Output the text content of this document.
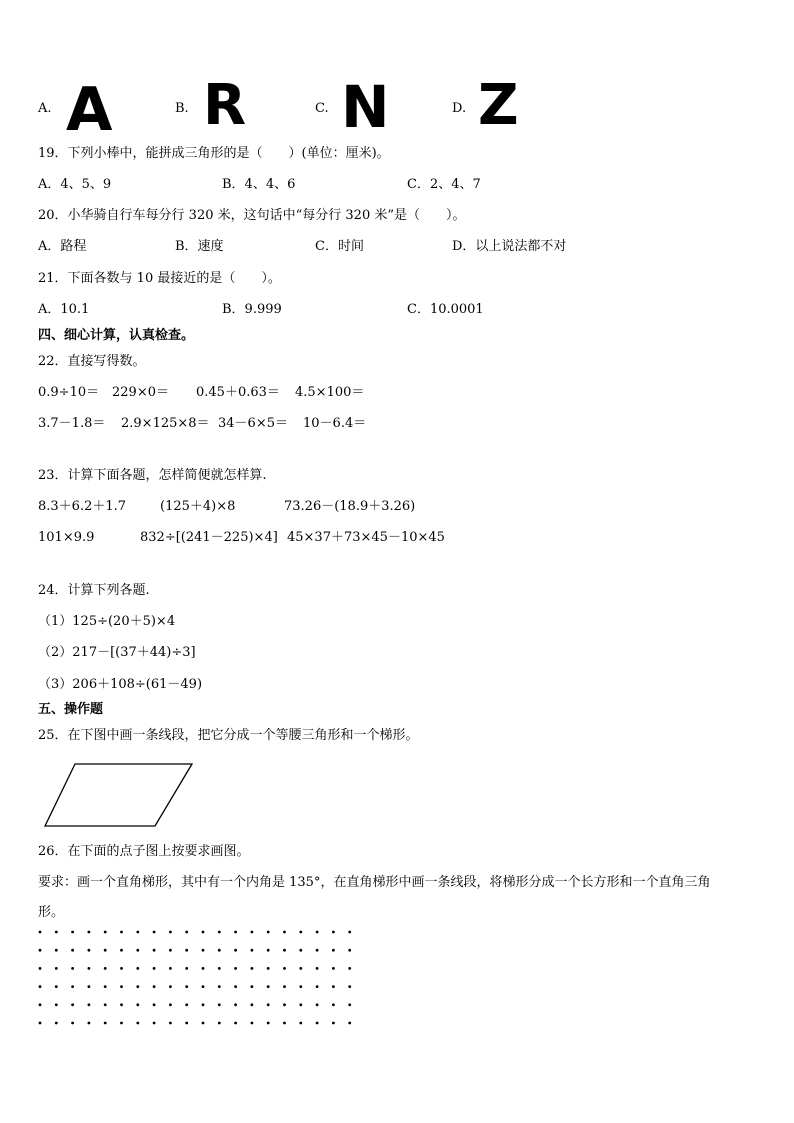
A. A	B. R	C. N	D. Z
19．下列小棒中，能拼成三角形的是（　　）(单位：厘米)。
A．4、5、9	B．4、4、6	C．2、4、7
20．小华骑自行车每分行 320 米，这句话中“每分行 320 米”是（　　）。
A．路程	B．速度	C．时间	D．以上说法都不对
21．下面各数与 10 最接近的是（　　）。
A．10.1	B．9.999	C．10.0001
四、细心计算，认真检查。
22．直接写得数。
0.9÷10＝ 229×0＝ 0.45＋0.63＝ 4.5×100＝
3.7－1.8＝ 2.9×125×8＝ 34－6×5＝ 10－6.4＝
23．计算下面各题，怎样简便就怎样算.
8.3＋6.2＋1.7	(125＋4)×8	73.26－(18.9＋3.26)
101×9.9	832÷[(241－225)×4] 45×37＋73×45－10×45
24．计算下列各题.
（1）125÷(20＋5)×4
（2）217－[(37＋44)÷3]
（3）206＋108÷(61－49)
五、操作题
25．在下图中画一条线段，把它分成一个等腰三角形和一个梯形。
26．在下面的点子图上按要求画图。
要求：画一个直角梯形，其中有一个内角是 135°，在直角梯形中画一条线段，将梯形分成一个长方形和一个直角三角
形。
